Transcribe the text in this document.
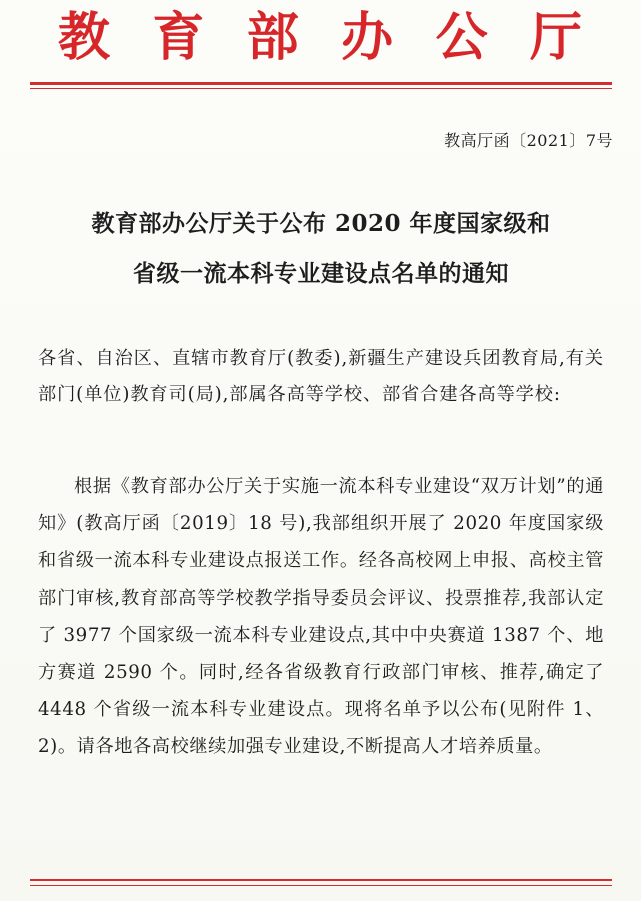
教 育 部 办 公 厅
教高厅函〔2021〕7号
教育部办公厅关于公布 2020 年度国家级和
省级一流本科专业建设点名单的通知
各省、自治区、直辖市教育厅(教委),新疆生产建设兵团教育局,有关部门(单位)教育司(局),部属各高等学校、部省合建各高等学校:
根据《教育部办公厅关于实施一流本科专业建设“双万计划”的通知》(教高厅函〔2019〕18 号),我部组织开展了 2020 年度国家级和省级一流本科专业建设点报送工作。经各高校网上申报、高校主管部门审核,教育部高等学校教学指导委员会评议、投票推荐,我部认定了 3977 个国家级一流本科专业建设点,其中中央赛道 1387 个、地方赛道 2590 个。同时,经各省级教育行政部门审核、推荐,确定了 4448 个省级一流本科专业建设点。现将名单予以公布(见附件 1、2)。请各地各高校继续加强专业建设,不断提高人才培养质量。
